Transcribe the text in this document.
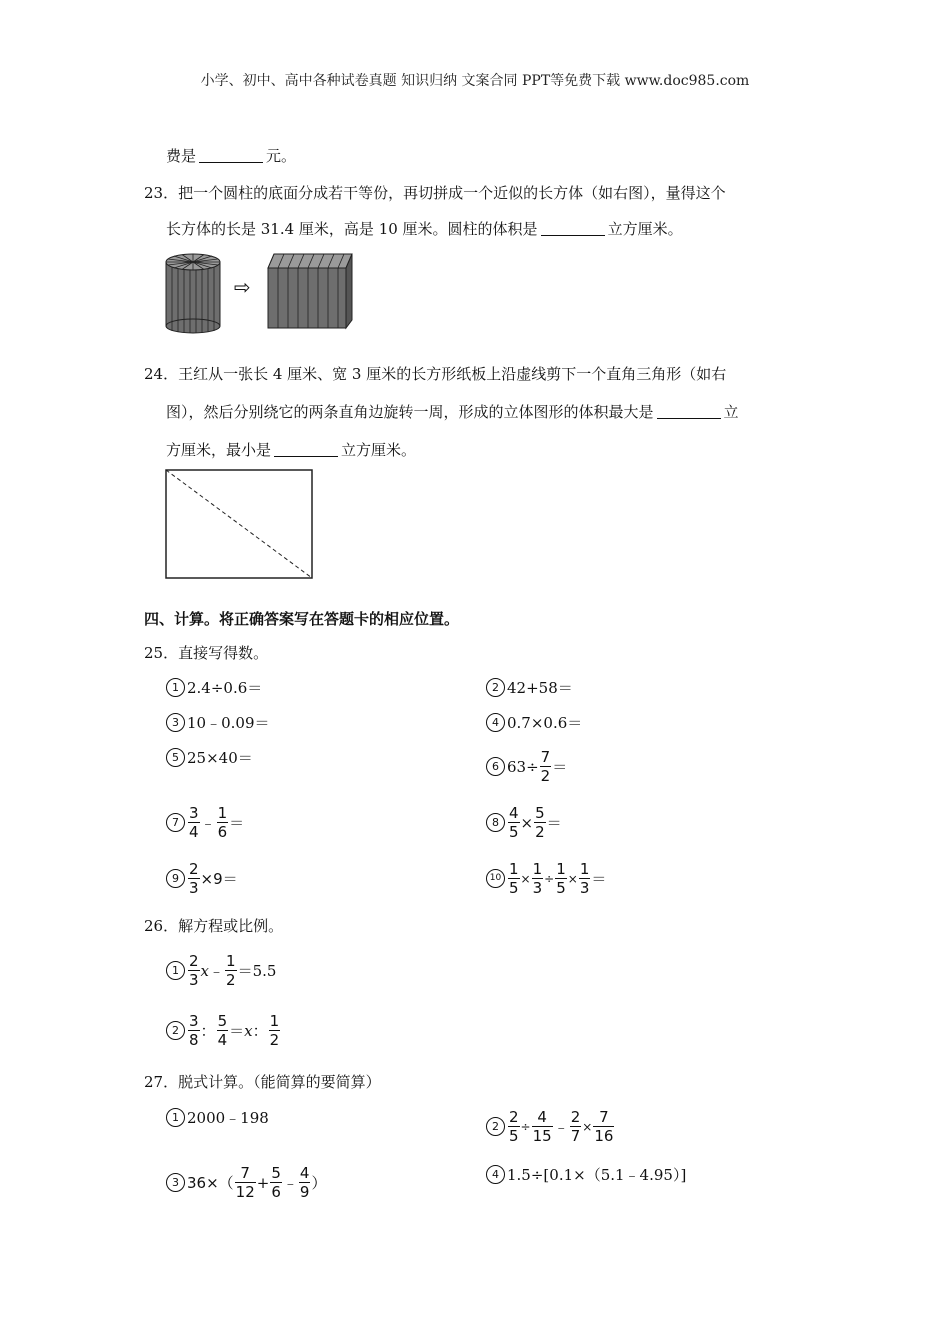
小学、初中、高中各种试卷真题 知识归纳 文案合同 PPT等免费下载 www.doc985.com
费是	元。
23．把一个圆柱的底面分成若干等份，再切拼成一个近似的长方体（如右图），量得这个
长方体的长是 31.4 厘米，高是 10 厘米。圆柱的体积是	立方厘米。
⇨
24．王红从一张长 4 厘米、宽 3 厘米的长方形纸板上沿虚线剪下一个直角三角形（如右
图），然后分别绕它的两条直角边旋转一周，形成的立体图形的体积最大是	立
方厘米，最小是	立方厘米。
四、计算。将正确答案写在答题卡的相应位置。
25．直接写得数。
1 2.4÷0.6＝	2 42+58＝
3 10﹣0.09＝	4 0.7×0.6＝
5 25×40＝	6 $63\div \frac{7}{2}$ ＝
$7 \frac{3}{4}$ ﹣ $\frac{1}{6}$ ＝	$8 \frac{4}{5} \times \frac{5}{2}$ ＝
$9 \frac{2}{3} \times 9=$	$10 \frac{1}{5} \times \frac{1}{3} \div \frac{1}{5} \times \frac{1}{3}$ ＝
26．解方程或比例。
$1 \frac{2}{3}$ x ﹣ $\frac{1}{2} =5.5$
$2 \frac{3}{8}$ ： $\frac{5}{4} = x$ ： $\frac{1}{2}$
27．脱式计算。（能简算的要简算）
1 2000﹣198	$2 \frac{2}{5} \div \frac{4}{15}$ ﹣ $\frac{2}{7} \times \frac{7}{16}$
3 $36\times( \frac{7}{12} + \frac{5}{6}$ ﹣ $\frac{4}{9}$ ）	4 1.5÷[0.1×（5.1﹣4.95）]
